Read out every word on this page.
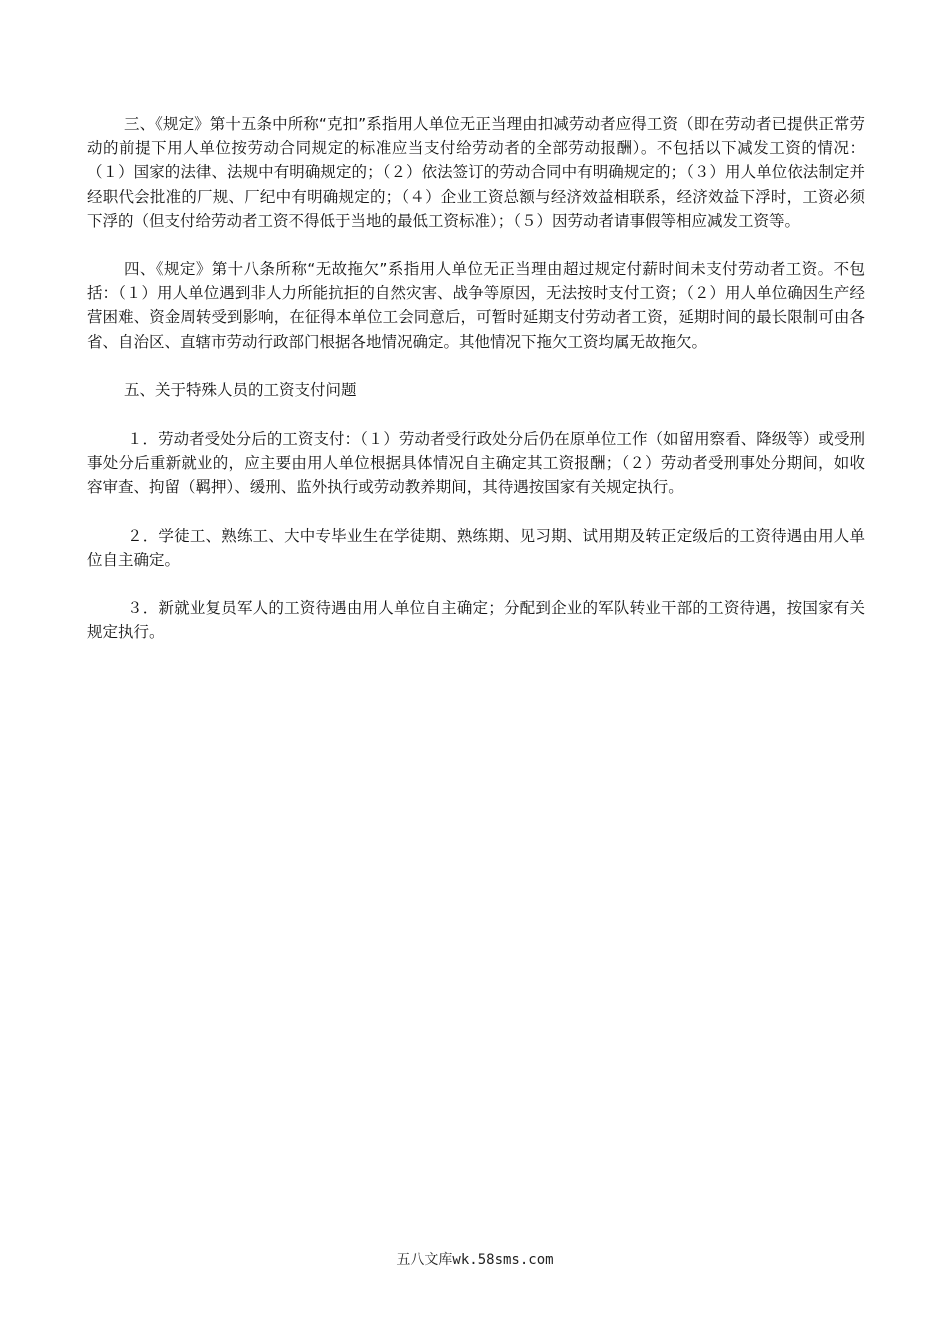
三、《规定》第十五条中所称“克扣”系指用人单位无正当理由扣减劳动者应得工资（即在劳动者已提供正常劳动的前提下用人单位按劳动合同规定的标准应当支付给劳动者的全部劳动报酬）。不包括以下减发工资的情况：（１）国家的法律、法规中有明确规定的；（２）依法签订的劳动合同中有明确规定的；（３）用人单位依法制定并经职代会批准的厂规、厂纪中有明确规定的；（４）企业工资总额与经济效益相联系，经济效益下浮时，工资必须下浮的（但支付给劳动者工资不得低于当地的最低工资标准）；（５）因劳动者请事假等相应减发工资等。

四、《规定》第十八条所称“无故拖欠”系指用人单位无正当理由超过规定付薪时间未支付劳动者工资。不包括：（１）用人单位遇到非人力所能抗拒的自然灾害、战争等原因，无法按时支付工资；（２）用人单位确因生产经营困难、资金周转受到影响，在征得本单位工会同意后，可暂时延期支付劳动者工资，延期时间的最长限制可由各省、自治区、直辖市劳动行政部门根据各地情况确定。其他情况下拖欠工资均属无故拖欠。

五、关于特殊人员的工资支付问题

１．劳动者受处分后的工资支付：（１）劳动者受行政处分后仍在原单位工作（如留用察看、降级等）或受刑事处分后重新就业的，应主要由用人单位根据具体情况自主确定其工资报酬；（２）劳动者受刑事处分期间，如收容审查、拘留（羁押）、缓刑、监外执行或劳动教养期间，其待遇按国家有关规定执行。

２．学徒工、熟练工、大中专毕业生在学徒期、熟练期、见习期、试用期及转正定级后的工资待遇由用人单位自主确定。

３．新就业复员军人的工资待遇由用人单位自主确定；分配到企业的军队转业干部的工资待遇，按国家有关规定执行。

五八文库wk.58sms.com
